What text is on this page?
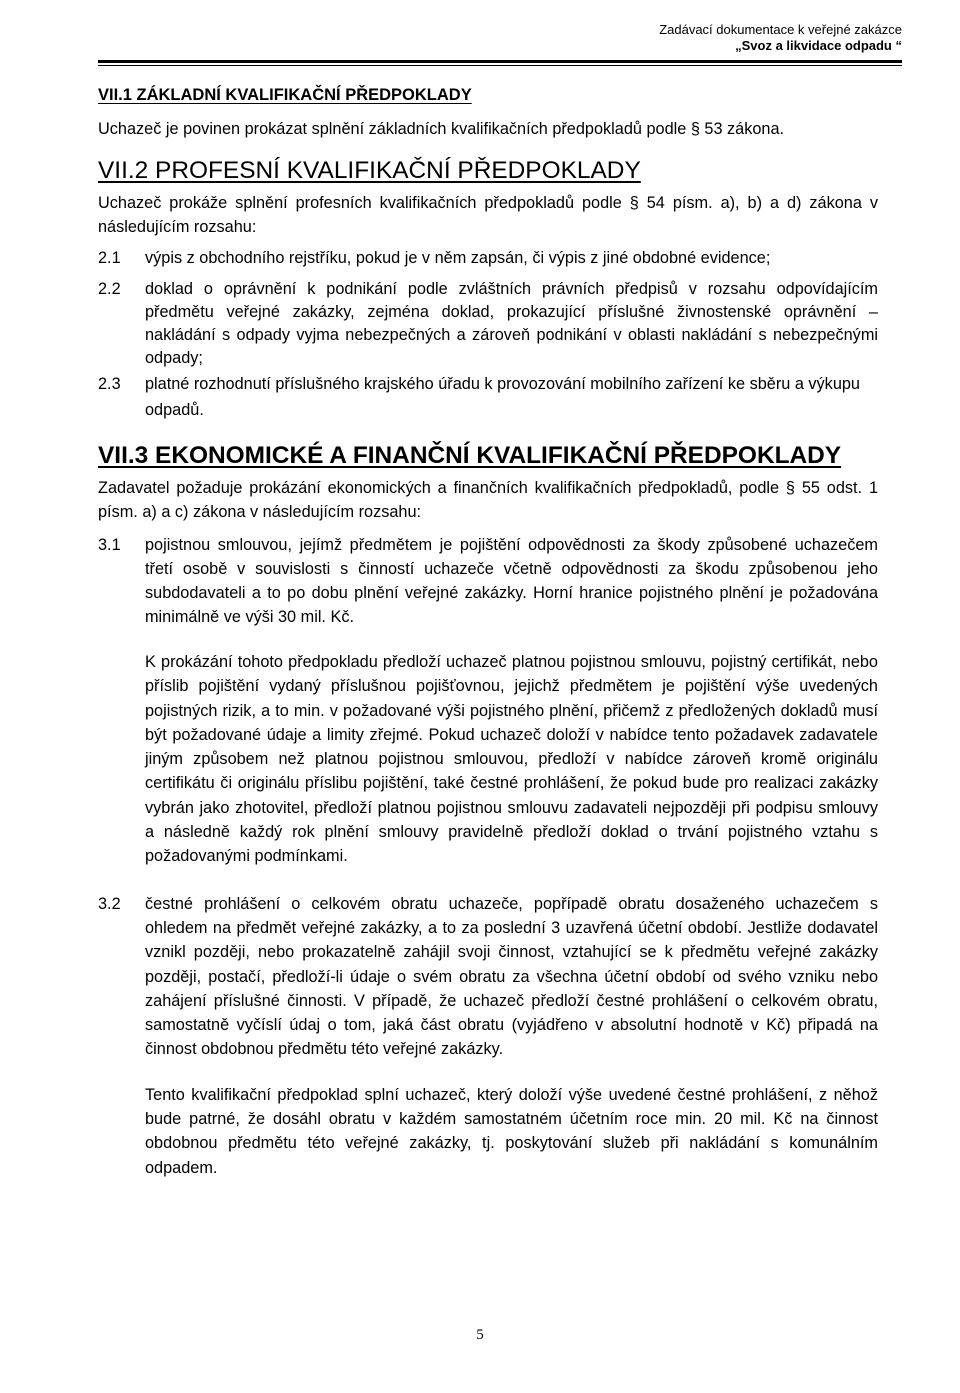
Zadávací dokumentace k veřejné zakázce
„Svoz a likvidace odpadu “
VII.1 ZÁKLADNÍ KVALIFIKAČNÍ PŘEDPOKLADY

Uchazeč je povinen prokázat splnění základních kvalifikačních předpokladů podle § 53 zákona.

VII.2 PROFESNÍ KVALIFIKAČNÍ PŘEDPOKLADY

Uchazeč prokáže splnění profesních kvalifikačních předpokladů podle § 54 písm. a), b) a d) zákona v následujícím rozsahu:

2.1	výpis z obchodního rejstříku, pokud je v něm zapsán, či výpis z jiné obdobné evidence;
2.2	doklad o oprávnění k podnikání podle zvláštních právních předpisů v rozsahu odpovídajícím předmětu veřejné zakázky, zejména doklad, prokazující příslušné živnostenské oprávnění – nakládání s odpady vyjma nebezpečných a zároveň podnikání v oblasti nakládání s nebezpečnými odpady;
2.3	platné rozhodnutí příslušného krajského úřadu k provozování mobilního zařízení ke sběru a výkupu odpadů.
VII.3 EKONOMICKÉ A FINANČNÍ KVALIFIKAČNÍ PŘEDPOKLADY

Zadavatel požaduje prokázání ekonomických a finančních kvalifikačních předpokladů, podle § 55 odst. 1 písm. a) a c) zákona v následujícím rozsahu:

3.1	pojistnou smlouvou, jejímž předmětem je pojištění odpovědnosti za škody způsobené uchazečem třetí osobě v souvislosti s činností uchazeče včetně odpovědnosti za škodu způsobenou jeho subdodavateli a to po dobu plnění veřejné zakázky. Horní hranice pojistného plnění je požadována minimálně ve výši 30 mil. Kč.

K prokázání tohoto předpokladu předloží uchazeč platnou pojistnou smlouvu, pojistný certifikát, nebo příslib pojištění vydaný příslušnou pojišťovnou, jejichž předmětem je pojištění výše uvedených pojistných rizik, a to min. v požadované výši pojistného plnění, přičemž z předložených dokladů musí být požadované údaje a limity zřejmé. Pokud uchazeč doloží v nabídce tento požadavek zadavatele jiným způsobem než platnou pojistnou smlouvou, předloží v nabídce zároveň kromě originálu certifikátu či originálu příslibu pojištění, také čestné prohlášení, že pokud bude pro realizaci zakázky vybrán jako zhotovitel, předloží platnou pojistnou smlouvu zadavateli nejpozději při podpisu smlouvy a následně každý rok plnění smlouvy pravidelně předloží doklad o trvání pojistného vztahu s požadovanými podmínkami.

3.2	čestné prohlášení o celkovém obratu uchazeče, popřípadě obratu dosaženého uchazečem s ohledem na předmět veřejné zakázky, a to za poslední 3 uzavřená účetní období. Jestliže dodavatel vznikl později, nebo prokazatelně zahájil svoji činnost, vztahující se k předmětu veřejné zakázky později, postačí, předloží-li údaje o svém obratu za všechna účetní období od svého vzniku nebo zahájení příslušné činnosti. V případě, že uchazeč předloží čestné prohlášení o celkovém obratu, samostatně vyčíslí údaj o tom, jaká část obratu (vyjádřeno v absolutní hodnotě v Kč) připadá na činnost obdobnou předmětu této veřejné zakázky.

Tento kvalifikační předpoklad splní uchazeč, který doloží výše uvedené čestné prohlášení, z něhož bude patrné, že dosáhl obratu v každém samostatném účetním roce min. 20 mil. Kč na činnost obdobnou předmětu této veřejné zakázky, tj. poskytování služeb při nakládání s komunálním odpadem.

5
